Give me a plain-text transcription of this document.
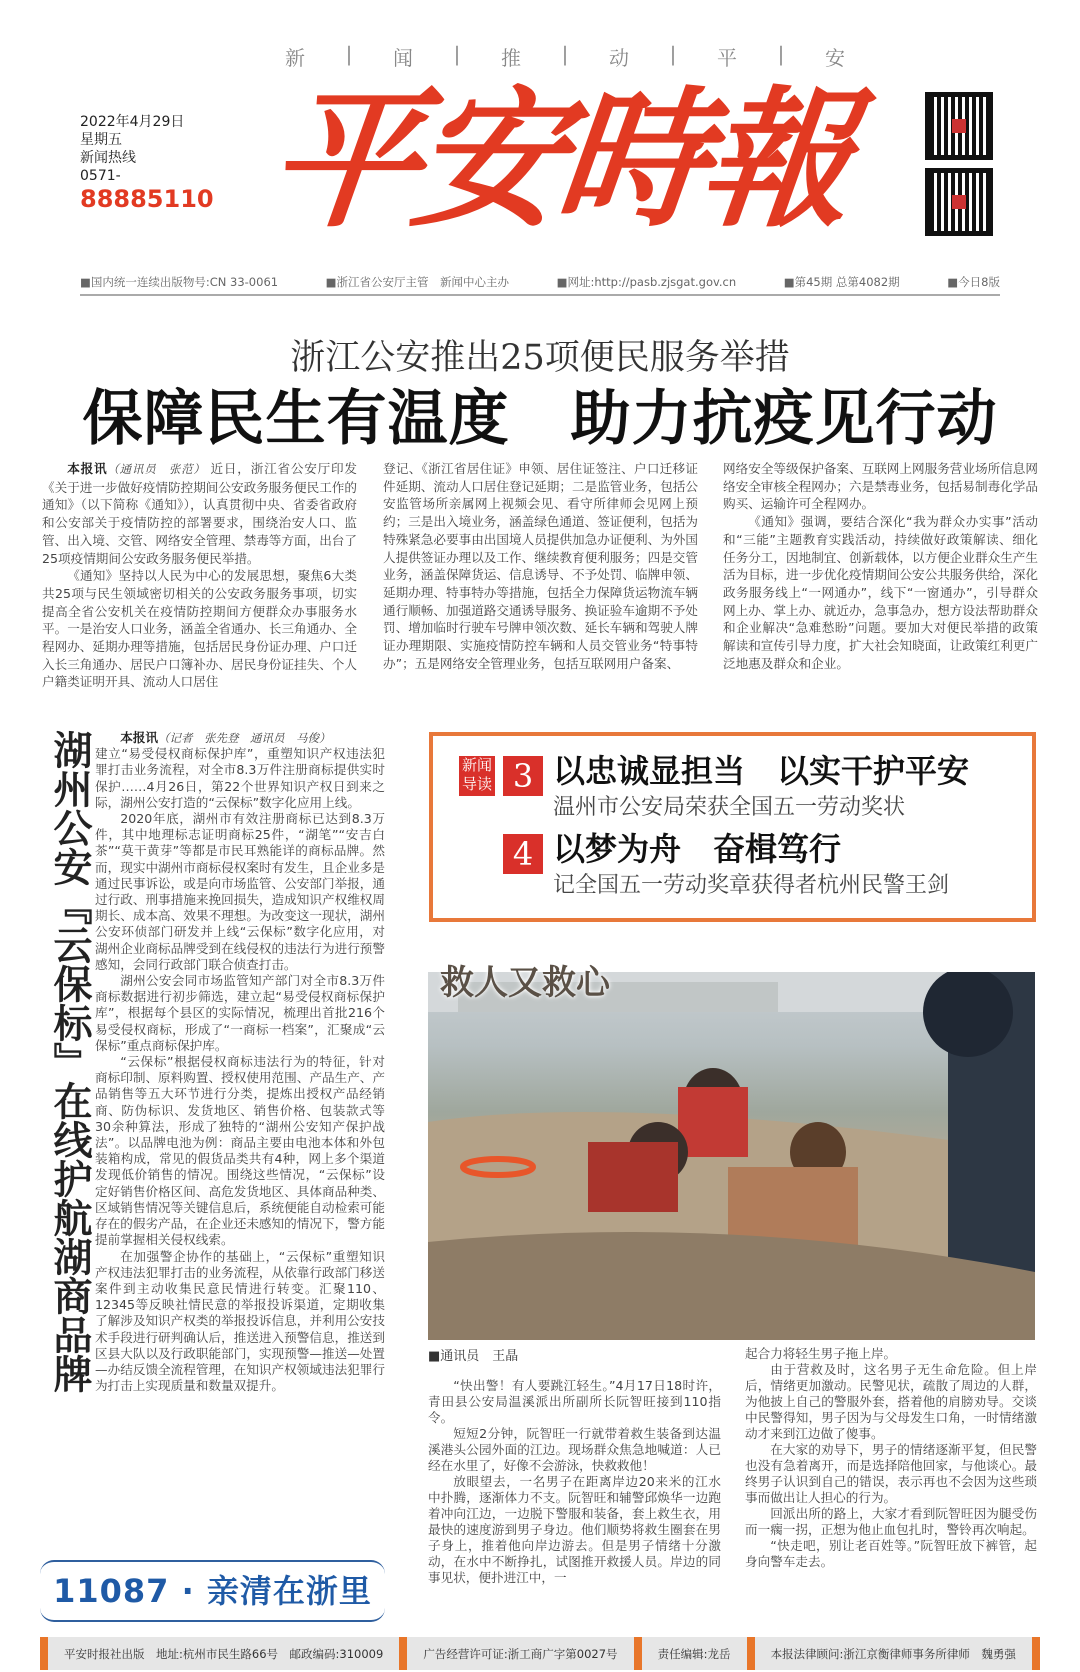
新 | 闻 | 推 | 动 | 平 | 安
平安時報
2022年4月29日
星期五
新闻热线
0571-
88885110
■国内统一连续出版物号:CN 33-0061	■浙江省公安厅主管　新闻中心主办	■网址:http://pasb.zjsgat.gov.cn	■第45期 总第4082期	■今日8版
浙江公安推出25项便民服务举措
保障民生有温度　助力抗疫见行动

本报讯（通讯员　张范） 近日，浙江省公安厅印发《关于进一步做好疫情防控期间公安政务服务便民工作的通知》（以下简称《通知》），认真贯彻中央、省委省政府和公安部关于疫情防控的部署要求，围绕治安人口、监管、出入境、交管、网络安全管理、禁毒等方面，出台了25项疫情期间公安政务服务便民举措。

《通知》坚持以人民为中心的发展思想，聚焦6大类共25项与民生领域密切相关的公安政务服务事项，切实提高全省公安机关在疫情防控期间方便群众办事服务水平。一是治安人口业务，涵盖全省通办、长三角通办、全程网办、延期办理等措施，包括居民身份证办理、户口迁入长三角通办、居民户口簿补办、居民身份证挂失、个人户籍类证明开具、流动人口居住

登记、《浙江省居住证》申领、居住证签注、户口迁移证件延期、流动人口居住登记延期；二是监管业务，包括公安监管场所亲属网上视频会见、看守所律师会见网上预约；三是出入境业务，涵盖绿色通道、签证便利，包括为特殊紧急必要事由出国境人员提供加急办证便利、为外国人提供签证办理以及工作、继续教育便利服务；四是交管业务，涵盖保障货运、信息诱导、不予处罚、临牌申领、延期办理、特事特办等措施，包括全力保障货运物流车辆通行顺畅、加强道路交通诱导服务、换证验车逾期不予处罚、增加临时行驶车号牌申领次数、延长车辆和驾驶人牌证办理期限、实施疫情防控车辆和人员交管业务“特事特办”；五是网络安全管理业务，包括互联网用户备案、

网络安全等级保护备案、互联网上网服务营业场所信息网络安全审核全程网办；六是禁毒业务，包括易制毒化学品购买、运输许可全程网办。

《通知》强调，要结合深化“我为群众办实事”活动和“三能”主题教育实践活动，持续做好政策解读、细化任务分工，因地制宜、创新载体，以方便企业群众生产生活为目标，进一步优化疫情期间公安公共服务供给，深化政务服务线上“一网通办”，线下“一窗通办”，引导群众网上办、掌上办、就近办，急事急办，想方设法帮助群众和企业解决“急难愁盼”问题。要加大对便民举措的政策解读和宣传引导力度，扩大社会知晓面，让政策红利更广泛地惠及群众和企业。

湖州公安『云保标』在线护航湖商品牌	本报讯（记者　张先登　通讯员　马俊）

建立“易受侵权商标保护库”，重塑知识产权违法犯罪打击业务流程，对全市8.3万件注册商标提供实时保护……4月26日，第22个世界知识产权日到来之际，湖州公安打造的“云保标”数字化应用上线。

2020年底，湖州市有效注册商标已达到8.3万件，其中地理标志证明商标25件，“湖笔”“安吉白茶”“莫干黄芽”等都是市民耳熟能详的商标品牌。然而，现实中湖州市商标侵权案时有发生，且企业多是通过民事诉讼，或是向市场监管、公安部门举报，通过行政、刑事措施来挽回损失，造成知识产权维权周期长、成本高、效果不理想。为改变这一现状，湖州公安环侦部门研发并上线“云保标”数字化应用，对湖州企业商标品牌受到在线侵权的违法行为进行预警感知，会同行政部门联合侦查打击。

湖州公安会同市场监管知产部门对全市8.3万件商标数据进行初步筛选，建立起“易受侵权商标保护库”，根据每个县区的实际情况，梳理出首批216个易受侵权商标，形成了“一商标一档案”，汇聚成“云保标”重点商标保护库。

“云保标”根据侵权商标违法行为的特征，针对商标印制、原料购置、授权使用范围、产品生产、产品销售等五大环节进行分类，提炼出授权产品经销商、防伪标识、发货地区、销售价格、包装款式等30余种算法，形成了独特的“湖州公安知产保护战法”。以品牌电池为例：商品主要由电池本体和外包装箱构成，常见的假货品类共有4种，网上多个渠道发现低价销售的情况。围绕这些情况，“云保标”设定好销售价格区间、高危发货地区、具体商品种类、区域销售情况等关键信息后，系统便能自动检索可能存在的假劣产品，在企业还未感知的情况下，警方能提前掌握相关侵权线索。

在加强警企协作的基础上，“云保标”重塑知识产权违法犯罪打击的业务流程，从依靠行政部门移送案件到主动收集民意民情进行转变。汇聚110、12345等反映社情民意的举报投诉渠道，定期收集了解涉及知识产权类的举报投诉信息，并利用公安技术手段进行研判确认后，推送进入预警信息，推送到区县大队以及行政职能部门，实现预警—推送—处置—办结反馈全流程管理，在知识产权领域违法犯罪行为打击上实现质量和数量双提升。

新闻导读 3 以忠诚显担当　以实干护平安
温州市公安局荣获全国五一劳动奖状
4 以梦为舟　奋楫笃行
记全国五一劳动奖章获得者杭州民警王剑
救人又救心
■通讯员　王晶

“快出警！有人要跳江轻生。”4月17日18时许，青田县公安局温溪派出所副所长阮智旺接到110指令。

短短2分钟，阮智旺一行就带着救生装备到达温溪港头公园外面的江边。现场群众焦急地喊道：人已经在水里了，好像不会游泳，快救救他！

放眼望去，一名男子在距离岸边20来米的江水中扑腾，逐渐体力不支。阮智旺和辅警邱焕华一边跑着冲向江边，一边脱下警服和装备，套上救生衣，用最快的速度游到男子身边。他们顺势将救生圈套在男子身上，推着他向岸边游去。但是男子情绪十分激动，在水中不断挣扎，试图推开救援人员。岸边的同事见状，便扑进江中，一

起合力将轻生男子拖上岸。

由于营救及时，这名男子无生命危险。但上岸后，情绪更加激动。民警见状，疏散了周边的人群，为他披上自己的警服外套，搭着他的肩膀劝导。交谈中民警得知，男子因为与父母发生口角，一时情绪激动才来到江边做了傻事。

在大家的劝导下，男子的情绪逐渐平复，但民警也没有急着离开，而是选择陪他回家，与他谈心。最终男子认识到自己的错误，表示再也不会因为这些琐事而做出让人担心的行为。

回派出所的路上，大家才看到阮智旺因为腿受伤而一瘸一拐，正想为他止血包扎时，警铃再次响起。

“快走吧，别让老百姓等。”阮智旺放下裤管，起身向警车走去。

11087 · 亲清在浙里
平安时报社出版　地址:杭州市民生路66号　邮政编码:310009	广告经营许可证:浙工商广字第0027号	责任编辑:龙岳	本报法律顾问:浙江京衡律师事务所律师　魏勇强
